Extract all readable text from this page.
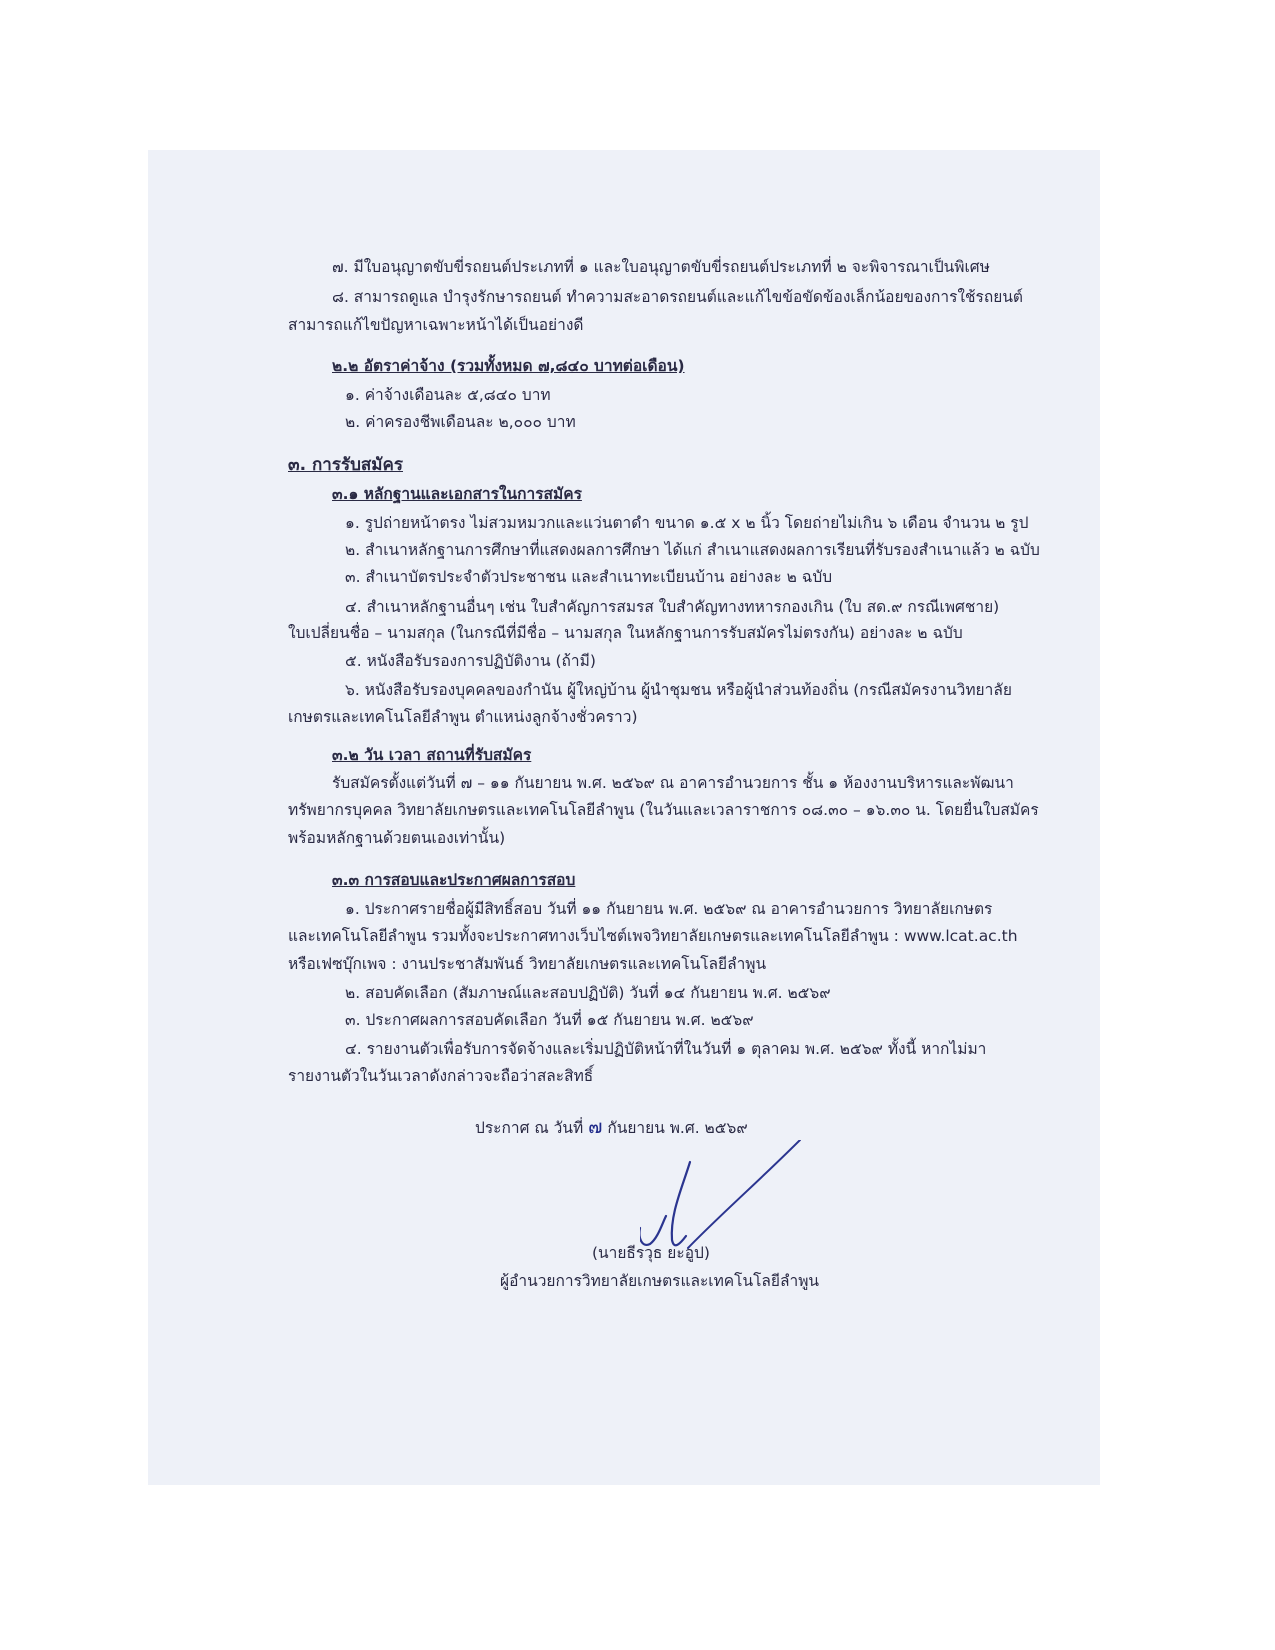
๗. มีใบอนุญาตขับขี่รถยนต์ประเภทที่ ๑ และใบอนุญาตขับขี่รถยนต์ประเภทที่ ๒ จะพิจารณาเป็นพิเศษ
๘. สามารถดูแล บำรุงรักษารถยนต์ ทำความสะอาดรถยนต์และแก้ไขข้อขัดข้องเล็กน้อยของการใช้รถยนต์
สามารถแก้ไขปัญหาเฉพาะหน้าได้เป็นอย่างดี
๒.๒ อัตราค่าจ้าง (รวมทั้งหมด ๗,๘๔๐ บาทต่อเดือน)
๑. ค่าจ้างเดือนละ ๕,๘๔๐ บาท
๒. ค่าครองชีพเดือนละ ๒,๐๐๐ บาท
๓. การรับสมัคร
๓.๑ หลักฐานและเอกสารในการสมัคร
๑. รูปถ่ายหน้าตรง ไม่สวมหมวกและแว่นตาดำ ขนาด ๑.๕ x ๒ นิ้ว โดยถ่ายไม่เกิน ๖ เดือน จำนวน ๒ รูป
๒. สำเนาหลักฐานการศึกษาที่แสดงผลการศึกษา ได้แก่ สำเนาแสดงผลการเรียนที่รับรองสำเนาแล้ว ๒ ฉบับ
๓. สำเนาบัตรประจำตัวประชาชน และสำเนาทะเบียนบ้าน อย่างละ ๒ ฉบับ
๔. สำเนาหลักฐานอื่นๆ เช่น ใบสำคัญการสมรส ใบสำคัญทางทหารกองเกิน (ใบ สด.๙ กรณีเพศชาย)
ใบเปลี่ยนชื่อ – นามสกุล (ในกรณีที่มีชื่อ – นามสกุล ในหลักฐานการรับสมัครไม่ตรงกัน) อย่างละ ๒ ฉบับ
๕. หนังสือรับรองการปฏิบัติงาน (ถ้ามี)
๖. หนังสือรับรองบุคคลของกำนัน ผู้ใหญ่บ้าน ผู้นำชุมชน หรือผู้นำส่วนท้องถิ่น (กรณีสมัครงานวิทยาลัย
เกษตรและเทคโนโลยีลำพูน ตำแหน่งลูกจ้างชั่วคราว)
๓.๒ วัน เวลา สถานที่รับสมัคร
รับสมัครตั้งแต่วันที่ ๗ – ๑๑ กันยายน พ.ศ. ๒๕๖๙ ณ อาคารอำนวยการ ชั้น ๑ ห้องงานบริหารและพัฒนา
ทรัพยากรบุคคล วิทยาลัยเกษตรและเทคโนโลยีลำพูน (ในวันและเวลาราชการ ๐๘.๓๐ – ๑๖.๓๐ น. โดยยื่นใบสมัคร
พร้อมหลักฐานด้วยตนเองเท่านั้น)
๓.๓ การสอบและประกาศผลการสอบ
๑. ประกาศรายชื่อผู้มีสิทธิ์สอบ วันที่ ๑๑ กันยายน พ.ศ. ๒๕๖๙ ณ อาคารอำนวยการ วิทยาลัยเกษตร
และเทคโนโลยีลำพูน รวมทั้งจะประกาศทางเว็บไซต์เพจวิทยาลัยเกษตรและเทคโนโลยีลำพูน : www.lcat.ac.th
หรือเฟซบุ๊กเพจ : งานประชาสัมพันธ์ วิทยาลัยเกษตรและเทคโนโลยีลำพูน
๒. สอบคัดเลือก (สัมภาษณ์และสอบปฏิบัติ) วันที่ ๑๔ กันยายน พ.ศ. ๒๕๖๙
๓. ประกาศผลการสอบคัดเลือก วันที่ ๑๕ กันยายน พ.ศ. ๒๕๖๙
๔. รายงานตัวเพื่อรับการจัดจ้างและเริ่มปฏิบัติหน้าที่ในวันที่ ๑ ตุลาคม พ.ศ. ๒๕๖๙ ทั้งนี้ หากไม่มา
รายงานตัวในวันเวลาดังกล่าวจะถือว่าสละสิทธิ์
ประกาศ ณ วันที่ ๗ กันยายน พ.ศ. ๒๕๖๙
(นายธีรวุธ ยะอูป)
ผู้อำนวยการวิทยาลัยเกษตรและเทคโนโลยีลำพูน
